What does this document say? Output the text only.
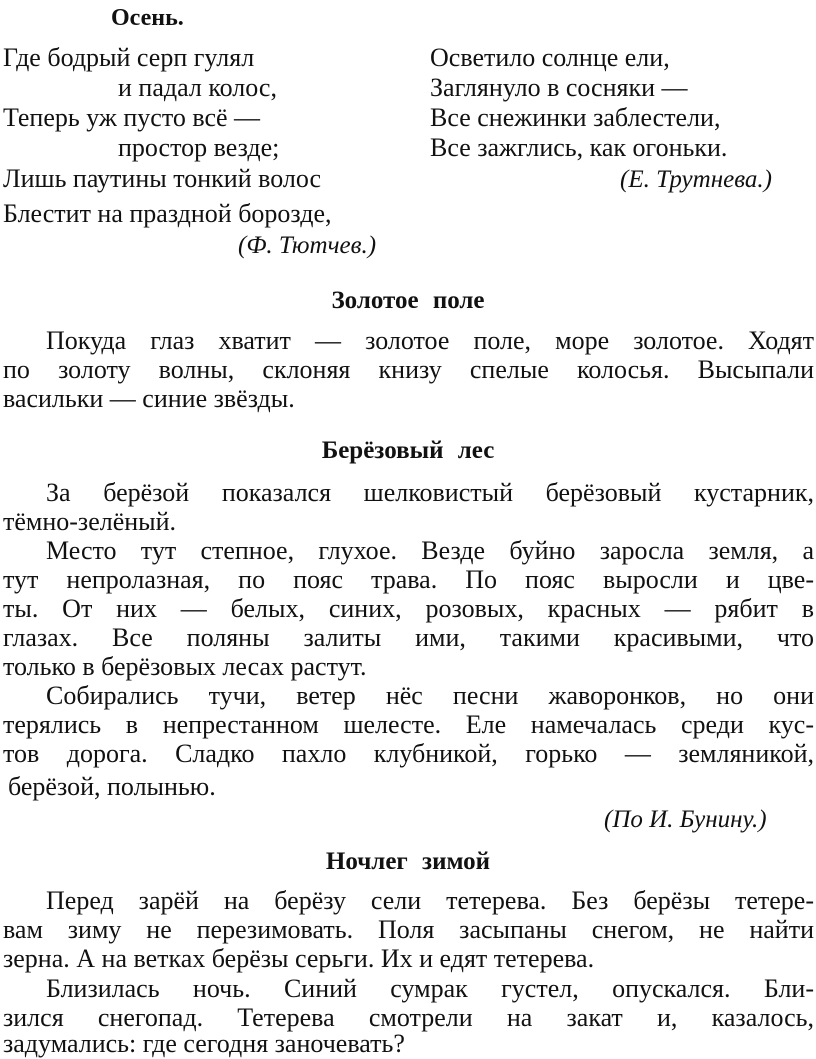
Осень.
Где бодрый серп гулял
и падал колос,
Теперь уж пусто всё —
простор везде;
Лишь паутины тонкий волос
Блестит на праздной борозде,
(Ф. Тютчев.)
Осветило солнце ели,
Заглянуло в сосняки —
Все снежинки заблестели,
Все зажглись, как огоньки.
(Е. Трутнева.)
Золотое поле
Покуда глаз хватит — золотое поле, море золотое. Ходят
по золоту волны, склоняя книзу спелые колосья. Высыпали
васильки — синие звёзды.
Берёзовый лес
За берёзой показался шелковистый берёзовый кустарник,
тёмно-зелёный.
Место тут степное, глухое. Везде буйно заросла земля, а
тут непролазная, по пояс трава. По пояс выросли и цве-
ты. От них — белых, синих, розовых, красных — рябит в
глазах. Все поляны залиты ими, такими красивыми, что
только в берёзовых лесах растут.
Собирались тучи, ветер нёс песни жаворонков, но они
терялись в непрестанном шелесте. Еле намечалась среди кус-
тов дорога. Сладко пахло клубникой, горько — земляникой,
берёзой, полынью.
(По И. Бунину.)
Ночлег зимой
Перед зарёй на берёзу сели тетерева. Без берёзы тетере-
вам зиму не перезимовать. Поля засыпаны снегом, не найти
зерна. А на ветках берёзы серьги. Их и едят тетерева.
Близилась ночь. Синий сумрак густел, опускался. Бли-
зился снегопад. Тетерева смотрели на закат и, казалось,
задумались: где сегодня заночевать?
